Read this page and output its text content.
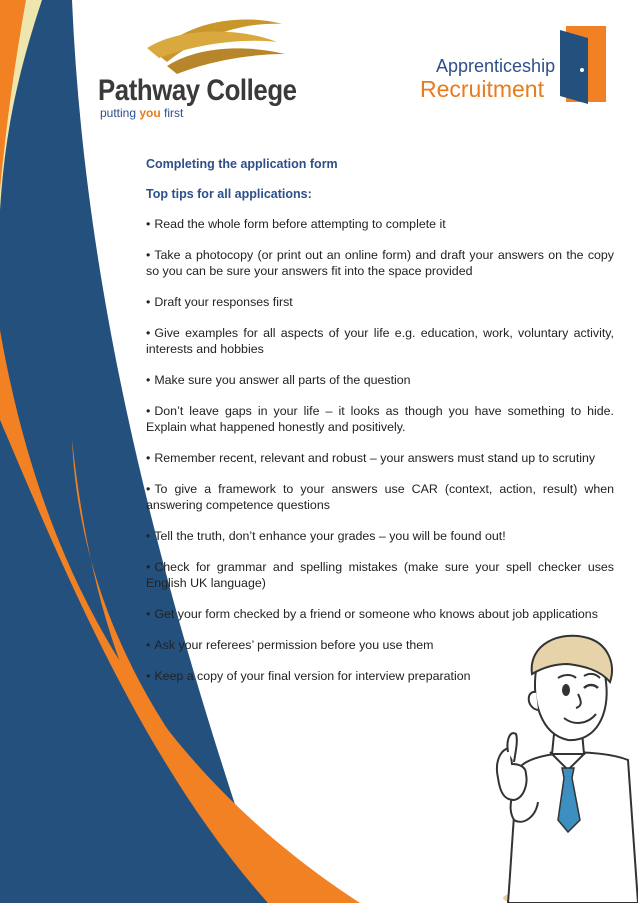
Pathway College
putting you first
Apprenticeship
Recruitment
Completing the application form
Top tips for all applications:
• Read the whole form before attempting to complete it
• Take a photocopy (or print out an online form) and draft your answers on the copy so you can be sure your answers fit into the space provided
• Draft your responses first
• Give examples for all aspects of your life e.g. education, work, voluntary activity, interests and hobbies
• Make sure you answer all parts of the question
• Don’t leave gaps in your life – it looks as though you have something to hide. Explain what happened honestly and positively.
• Remember recent, relevant and robust – your answers must stand up to scrutiny
• To give a framework to your answers use CAR (context, action, result) when answering competence questions
• Tell the truth, don’t enhance your grades – you will be found out!
• Check for grammar and spelling mistakes (make sure your spell checker uses English UK language)
• Get your form checked by a friend or someone who knows about job applications
• Ask your referees’ permission before you use them
• Keep a copy of your final version for interview preparation
